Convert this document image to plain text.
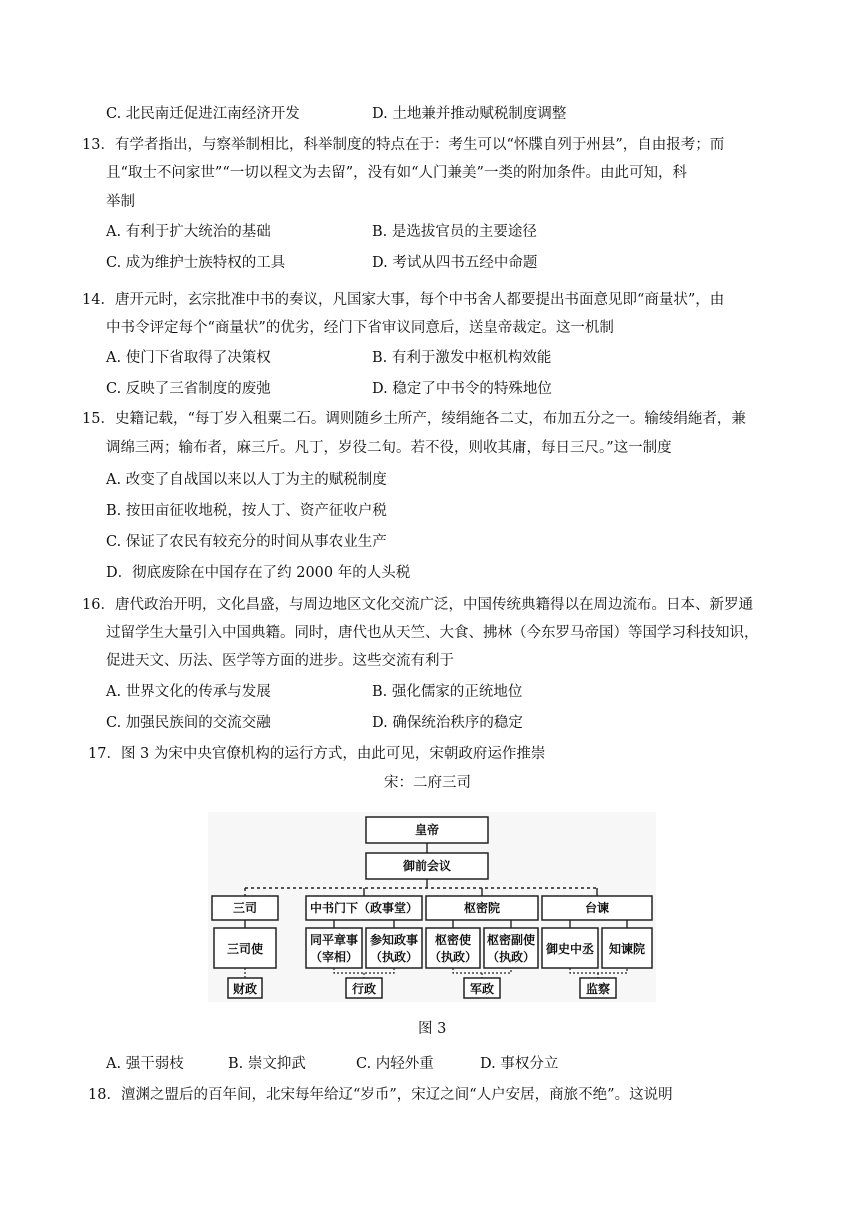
C. 北民南迁促进江南经济开发	D. 土地兼并推动赋税制度调整
13．有学者指出，与察举制相比，科举制度的特点在于：考生可以“怀牒自列于州县”，自由报考；而
且“取士不问家世”“一切以程文为去留”，没有如“人门兼美”一类的附加条件。由此可知，科
举制
A. 有利于扩大统治的基础	B. 是选拔官员的主要途径
C. 成为维护士族特权的工具	D. 考试从四书五经中命题
14．唐开元时，玄宗批准中书的奏议，凡国家大事，每个中书舍人都要提出书面意见即“商量状”，由
中书令评定每个“商量状”的优劣，经门下省审议同意后，送皇帝裁定。这一机制
A. 使门下省取得了决策权	B. 有利于激发中枢机构效能
C. 反映了三省制度的废弛	D. 稳定了中书令的特殊地位
15．史籍记载，“每丁岁入租粟二石。调则随乡土所产，绫绢絁各二丈，布加五分之一。输绫绢絁者，兼
调绵三两；输布者，麻三斤。凡丁，岁役二旬。若不役，则收其庸，每日三尺。”这一制度
A. 改变了自战国以来以人丁为主的赋税制度
B. 按田亩征收地税，按人丁、资产征收户税
C. 保证了农民有较充分的时间从事农业生产
D．彻底废除在中国存在了约 2000 年的人头税
16．唐代政治开明，文化昌盛，与周边地区文化交流广泛，中国传统典籍得以在周边流布。日本、新罗通
过留学生大量引入中国典籍。同时，唐代也从天竺、大食、拂林（今东罗马帝国）等国学习科技知识，
促进天文、历法、医学等方面的进步。这些交流有利于
A. 世界文化的传承与发展	B. 强化儒家的正统地位
C. 加强民族间的交流交融	D. 确保统治秩序的稳定
17．图 3 为宋中央官僚机构的运行方式，由此可见，宋朝政府运作推崇
宋：二府三司
皇帝
御前会议
三司	中书门下（政事堂）	枢密院	台谏
三司使
同平章事
（宰相）
参知政事
（执政）
枢密使
（执政）
枢密副使
（执政）
御史中丞 知谏院
财政	行政	军政	监察
图 3
A. 强干弱枝	B. 崇文抑武	C. 内轻外重	D. 事权分立
18．澶渊之盟后的百年间，北宋每年给辽“岁币”，宋辽之间“人户安居，商旅不绝”。这说明
